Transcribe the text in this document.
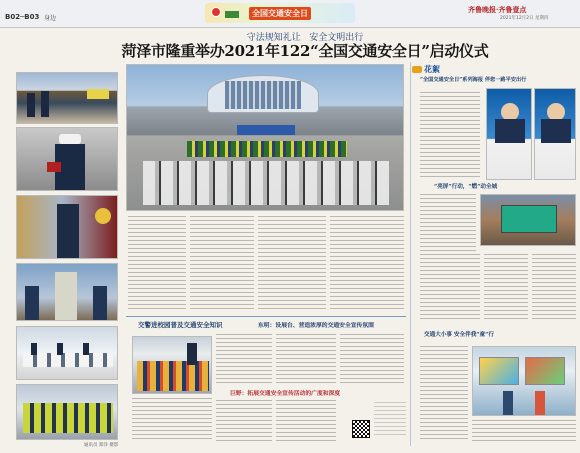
B02─B03 身边
全国交通安全日	齐鲁晚报·齐鲁壹点
2021年12月2日 星期四
通讯员 郑洋 摄影
守法规知礼让   安全文明出行
菏泽市隆重举办2021年122“全国交通安全日”启动仪式
交警进校园普及交通安全知识	东明：设展台、营造浓厚的交通安全宣传氛围
巨野：拓展交通安全宣传活动的广度和深度
花絮
“全国交通安全日”系列海报 伴您一路平安出行
“亮屏”行动，“燃”动全城
交通大小事 安全伴我“童”行
